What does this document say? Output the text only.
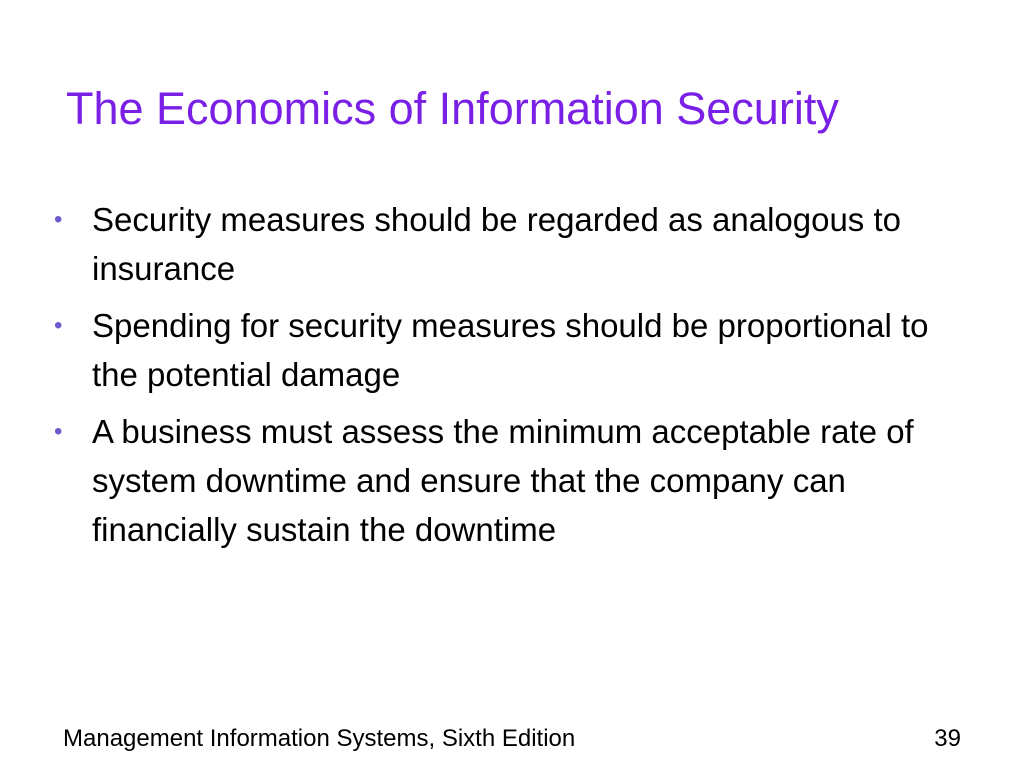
The Economics of Information Security
• Security measures should be regarded as analogous to insurance
• Spending for security measures should be proportional to the potential damage
• A business must assess the minimum acceptable rate of system downtime and ensure that the company can financially sustain the downtime
Management Information Systems, Sixth Edition	39
